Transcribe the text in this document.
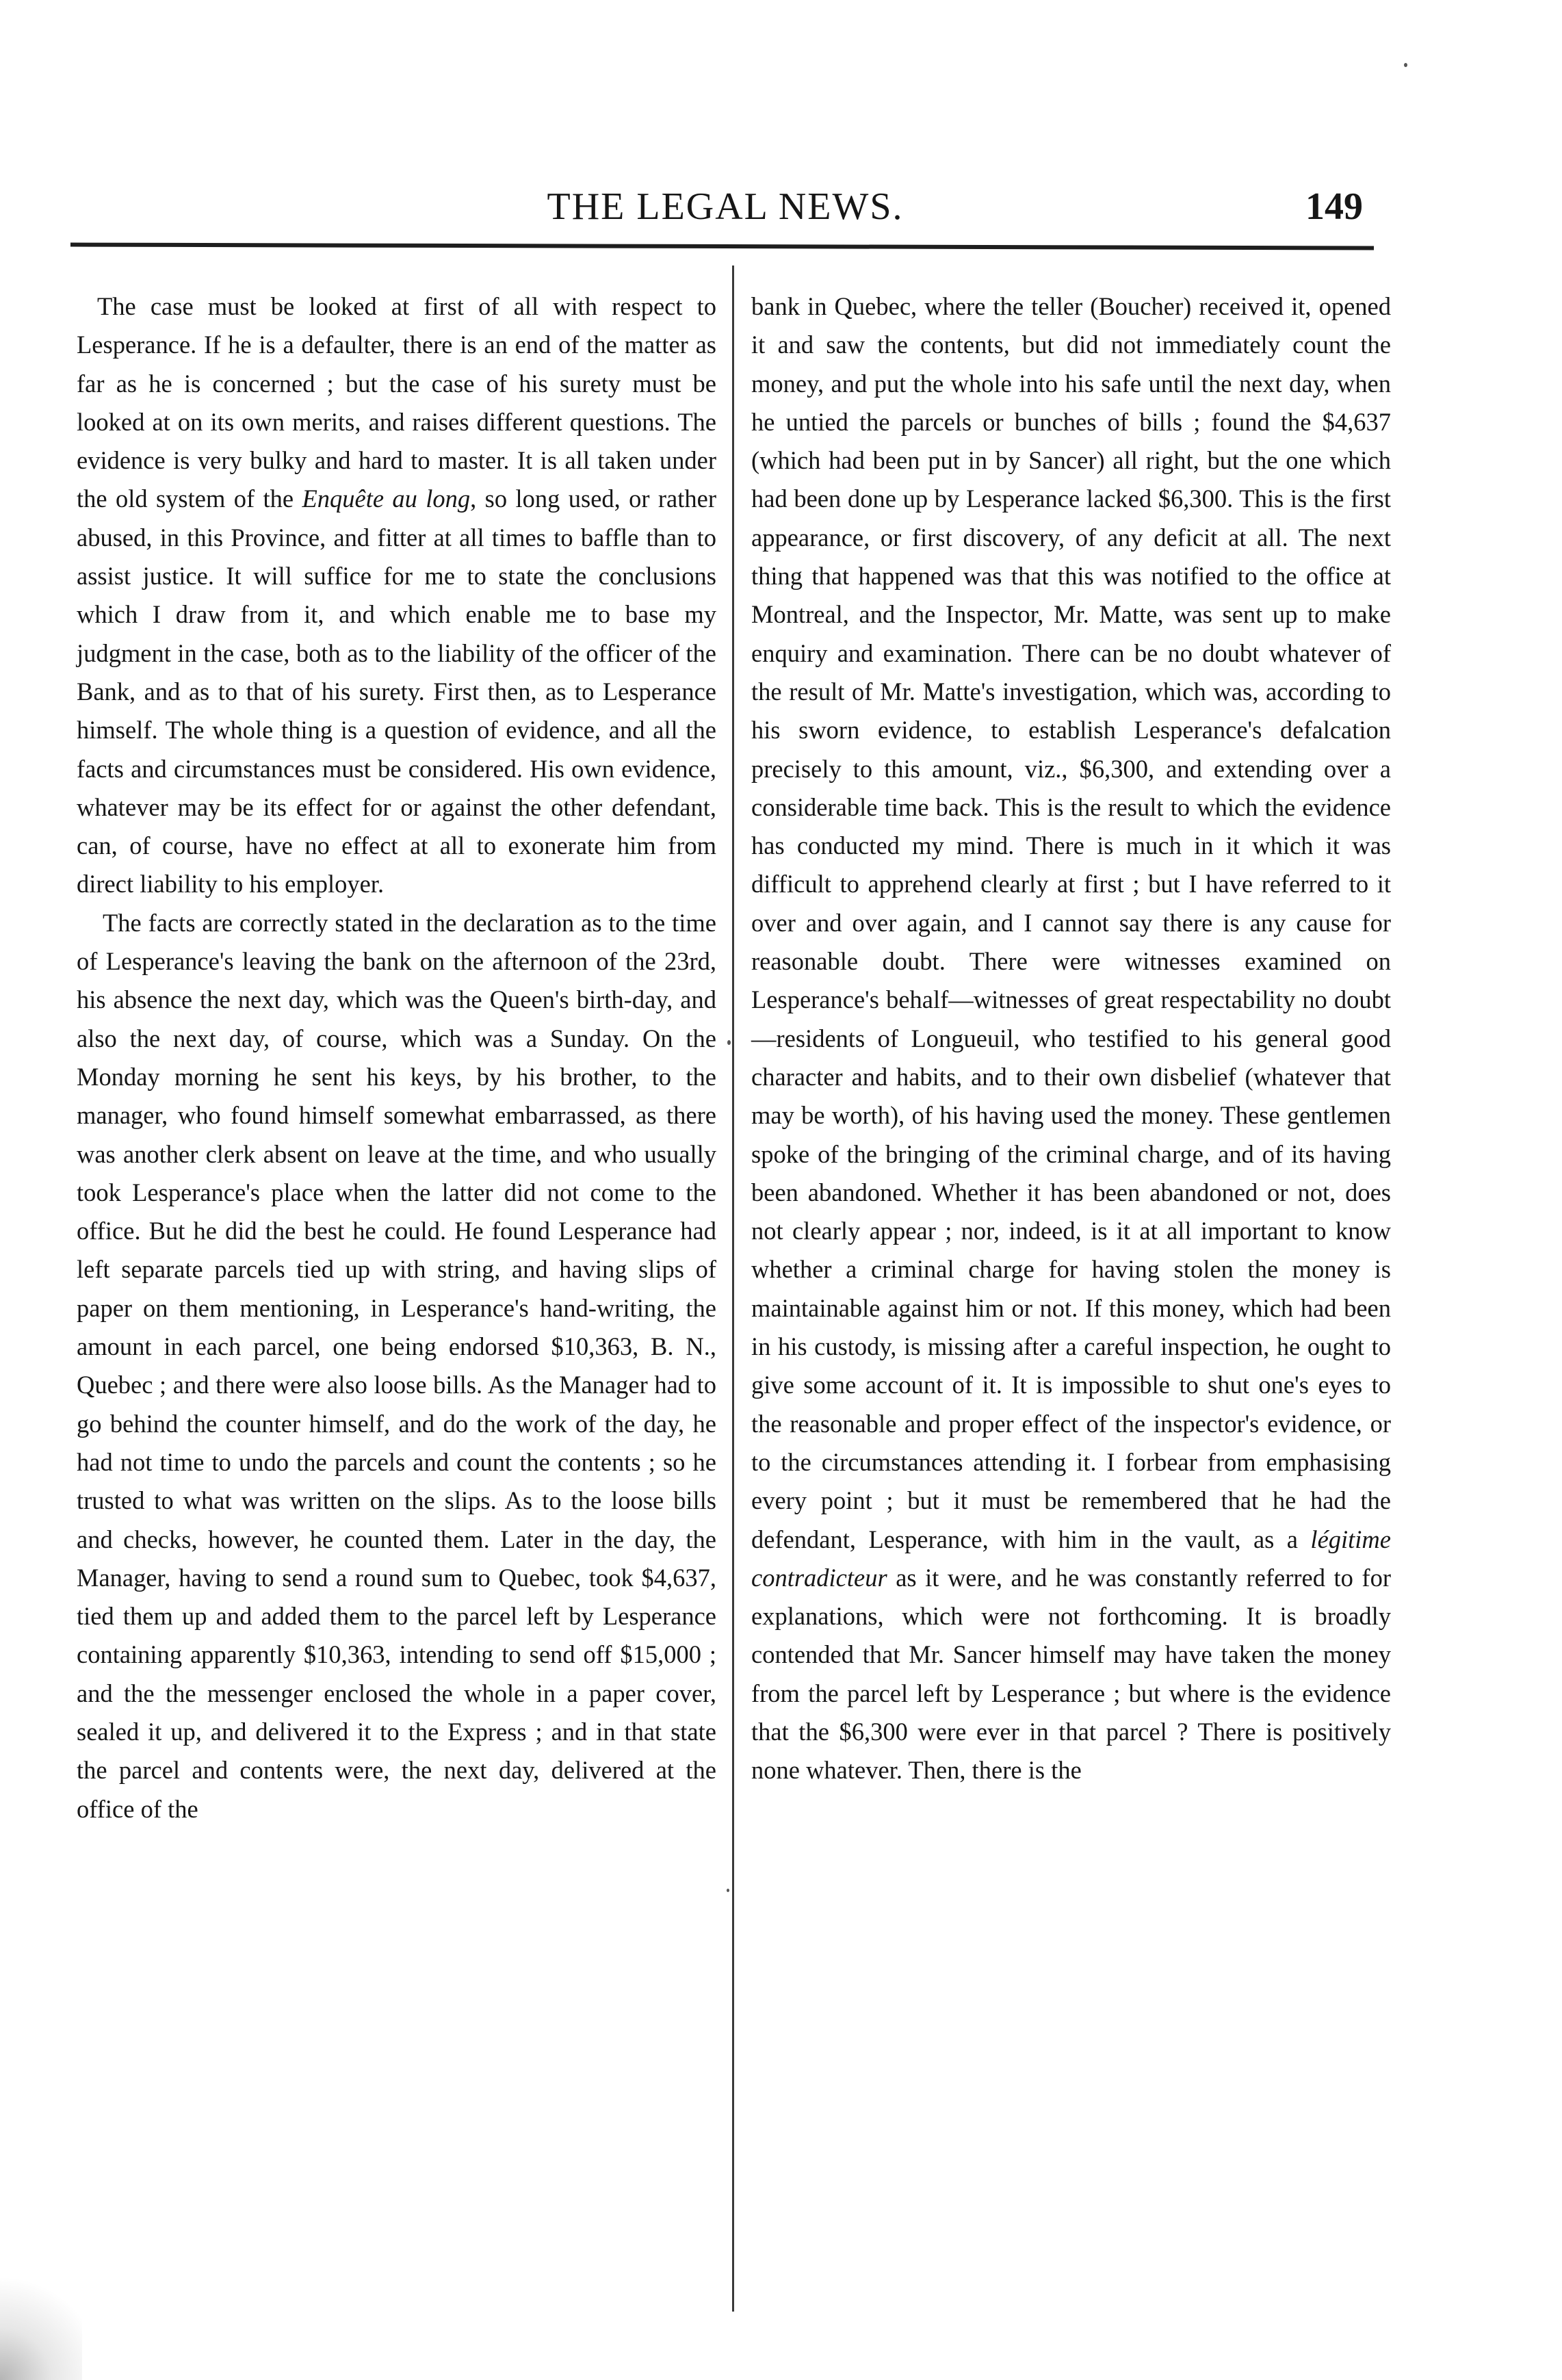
THE LEGAL NEWS.	149

The case must be looked at first of all with respect to Lesperance. If he is a defaulter, there is an end of the matter as far as he is concerned ; but the case of his surety must be looked at on its own merits, and raises different questions. The evidence is very bulky and hard to master. It is all taken under the old system of the Enquête au long, so long used, or rather abused, in this Province, and fitter at all times to baffle than to assist justice. It will suffice for me to state the conclusions which I draw from it, and which enable me to base my judgment in the case, both as to the liability of the officer of the Bank, and as to that of his surety. First then, as to Lesperance himself. The whole thing is a question of evidence, and all the facts and circumstances must be considered. His own evidence, whatever may be its effect for or against the other defendant, can, of course, have no effect at all to exonerate him from direct liability to his employer.

The facts are correctly stated in the declaration as to the time of Lesperance's leaving the bank on the afternoon of the 23rd, his absence the next day, which was the Queen's birth-day, and also the next day, of course, which was a Sunday. On the Monday morning he sent his keys, by his brother, to the manager, who found himself somewhat embarrassed, as there was another clerk absent on leave at the time, and who usually took Lesperance's place when the latter did not come to the office. But he did the best he could. He found Lesperance had left separate parcels tied up with string, and having slips of paper on them mentioning, in Lesperance's hand-writing, the amount in each parcel, one being endorsed $10,363, B. N., Quebec ; and there were also loose bills. As the Manager had to go behind the counter himself, and do the work of the day, he had not time to undo the parcels and count the contents ; so he trusted to what was written on the slips. As to the loose bills and checks, however, he counted them. Later in the day, the Manager, having to send a round sum to Quebec, took $4,637, tied them up and added them to the parcel left by Lesperance containing apparently $10,363, intending to send off $15,000 ; and the the messenger enclosed the whole in a paper cover, sealed it up, and delivered it to the Express ; and in that state the parcel and contents were, the next day, delivered at the office of the

bank in Quebec, where the teller (Boucher) received it, opened it and saw the contents, but did not immediately count the money, and put the whole into his safe until the next day, when he untied the parcels or bunches of bills ; found the $4,637 (which had been put in by Sancer) all right, but the one which had been done up by Lesperance lacked $6,300. This is the first appearance, or first discovery, of any deficit at all. The next thing that happened was that this was notified to the office at Montreal, and the Inspector, Mr. Matte, was sent up to make enquiry and examination. There can be no doubt whatever of the result of Mr. Matte's investigation, which was, according to his sworn evidence, to establish Lesperance's defalcation precisely to this amount, viz., $6,300, and extending over a considerable time back. This is the result to which the evidence has conducted my mind. There is much in it which it was difficult to apprehend clearly at first ; but I have referred to it over and over again, and I cannot say there is any cause for reasonable doubt. There were witnesses examined on Lesperance's behalf—witnesses of great respectability no doubt—residents of Longueuil, who testified to his general good character and habits, and to their own disbelief (whatever that may be worth), of his having used the money. These gentlemen spoke of the bringing of the criminal charge, and of its having been abandoned. Whether it has been abandoned or not, does not clearly appear ; nor, indeed, is it at all important to know whether a criminal charge for having stolen the money is maintainable against him or not. If this money, which had been in his custody, is missing after a careful inspection, he ought to give some account of it. It is impossible to shut one's eyes to the reasonable and proper effect of the inspector's evidence, or to the circumstances attending it. I forbear from emphasising every point ; but it must be remembered that he had the defendant, Lesperance, with him in the vault, as a légitime contradicteur as it were, and he was constantly referred to for explanations, which were not forthcoming. It is broadly contended that Mr. Sancer himself may have taken the money from the parcel left by Lesperance ; but where is the evidence that the $6,300 were ever in that parcel ? There is positively none whatever. Then, there is the
